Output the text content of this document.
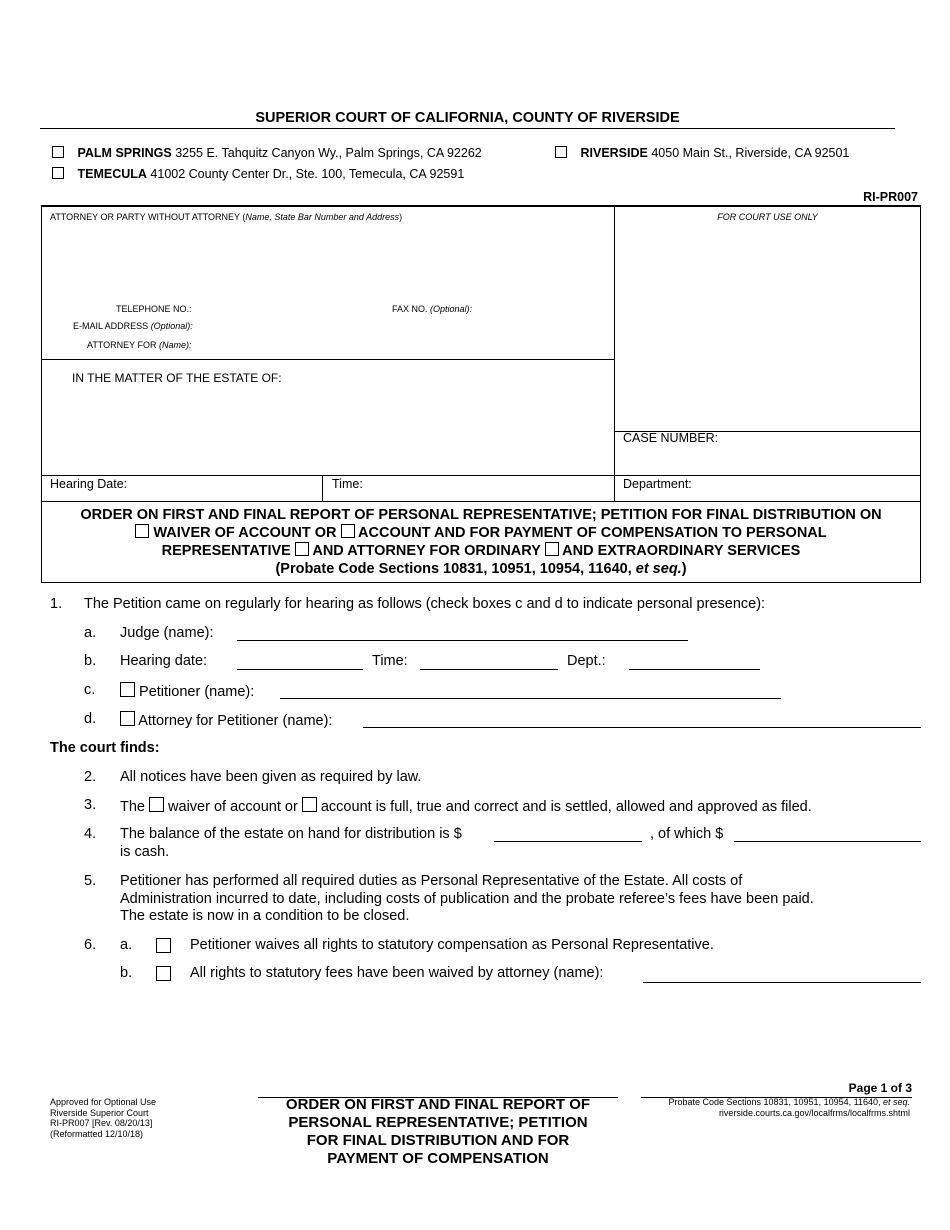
SUPERIOR COURT OF CALIFORNIA, COUNTY OF RIVERSIDE
PALM SPRINGS 3255 E. Tahquitz Canyon Wy., Palm Springs, CA 92262	RIVERSIDE 4050 Main St., Riverside, CA 92501
TEMECULA 41002 County Center Dr., Ste. 100, Temecula, CA 92591
RI-PR007
ATTORNEY OR PARTY WITHOUT ATTORNEY (Name, State Bar Number and Address)
TELEPHONE NO.:	FAX NO. (Optional):
E-MAIL ADDRESS (Optional):
ATTORNEY FOR (Name):
FOR COURT USE ONLY
IN THE MATTER OF THE ESTATE OF:
CASE NUMBER:
Hearing Date:	Time:	Department:
ORDER ON FIRST AND FINAL REPORT OF PERSONAL REPRESENTATIVE; PETITION FOR FINAL DISTRIBUTION ON
WAIVER OF ACCOUNT OR  ACCOUNT AND FOR PAYMENT OF COMPENSATION TO PERSONAL
REPRESENTATIVE  AND ATTORNEY FOR ORDINARY  AND EXTRAORDINARY SERVICES
(Probate Code Sections 10831, 10951, 10954, 11640, et seq.)
1. The Petition came on regularly for hearing as follows (check boxes c and d to indicate personal presence):
a. Judge (name):
b. Hearing date:	Time:	Dept.:
c.	Petitioner (name):
d.	Attorney for Petitioner (name):
The court finds:
2. All notices have been given as required by law.
3. The  waiver of account or  account is full, true and correct and is settled, allowed and approved as filed.
4. The balance of the estate on hand for distribution is $	, of which $
is cash.
5. Petitioner has performed all required duties as Personal Representative of the Estate. All costs of
Administration incurred to date, including costs of publication and the probate referee’s fees have been paid.
The estate is now in a condition to be closed.
6. a.	Petitioner waives all rights to statutory compensation as Personal Representative.
b.	All rights to statutory fees have been waived by attorney (name):
Page 1 of 3
Approved for Optional Use
Riverside Superior Court
RI-PR007 [Rev. 08/20/13]
(Reformatted 12/10/18)
ORDER ON FIRST AND FINAL REPORT OF
PERSONAL REPRESENTATIVE; PETITION
FOR FINAL DISTRIBUTION AND FOR
PAYMENT OF COMPENSATION
Probate Code Sections 10831, 10951, 10954, 11640, et seq.
riverside.courts.ca.gov/localfrms/localfrms.shtml
